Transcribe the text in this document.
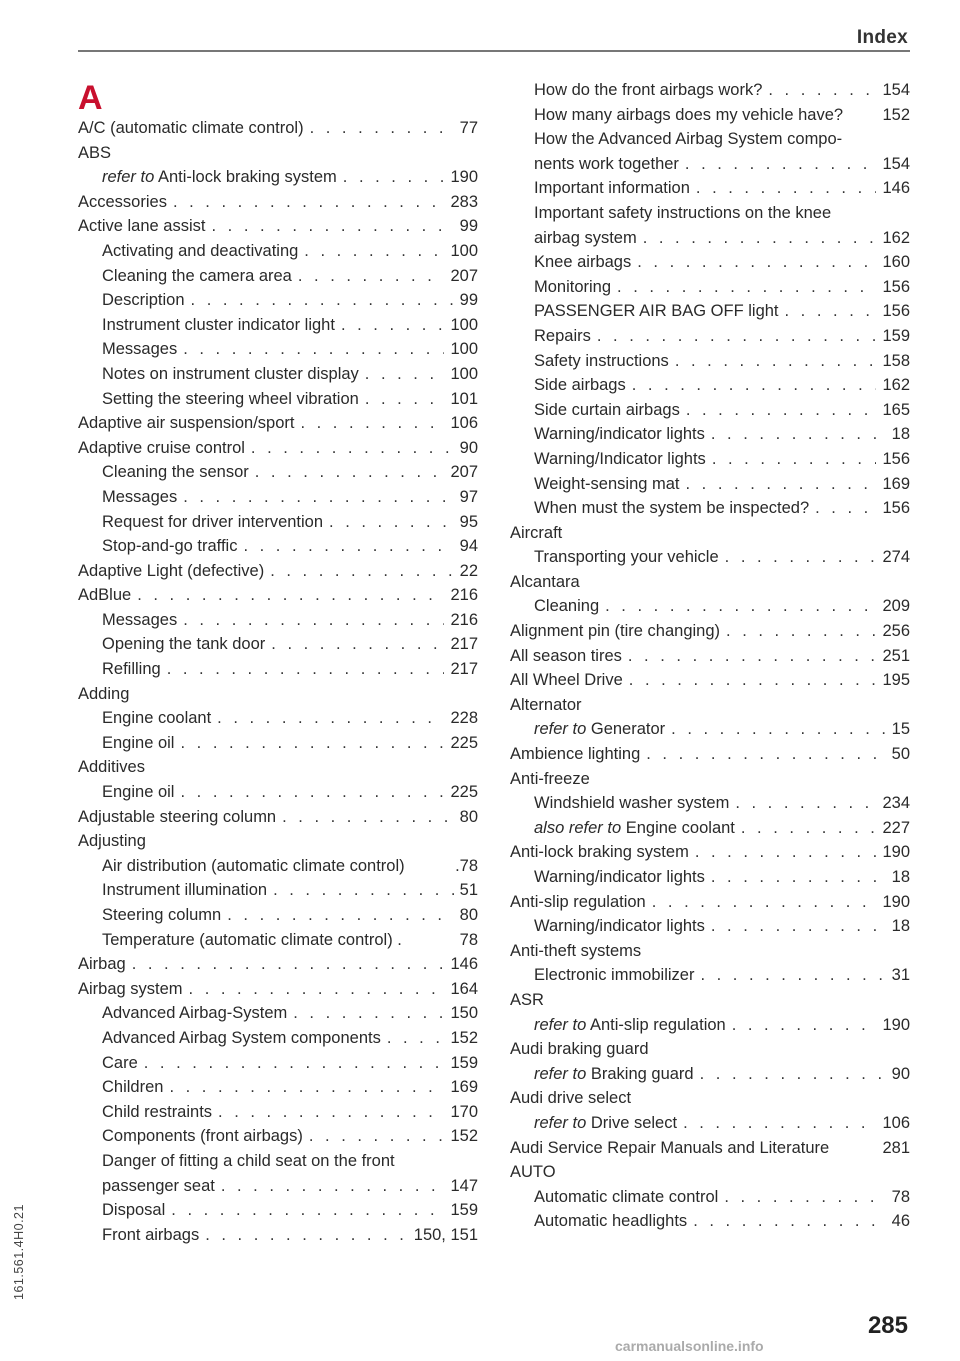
Index
A
A/C (automatic climate control) . . .	77
ABS
refer to Anti-lock braking system . . .	190
Accessories . . .	283
Active lane assist . . .	99
Activating and deactivating . . .	100
Cleaning the camera area . . .	207
Description . . .	99
Instrument cluster indicator light . . .	100
Messages . . .	100
Notes on instrument cluster display . . .	100
Setting the steering wheel vibration . . .	101
Adaptive air suspension/sport . . .	106
Adaptive cruise control . . .	90
Cleaning the sensor . . .	207
Messages . . .	97
Request for driver intervention . . .	95
Stop-and-go traffic . . .	94
Adaptive Light (defective) . . .	22
AdBlue . . .	216
Messages . . .	216
Opening the tank door . . .	217
Refilling . . .	217
Adding
Engine coolant . . .	228
Engine oil . . .	225
Additives
Engine oil . . .	225
Adjustable steering column . . .	80
Adjusting
Air distribution (automatic climate control)	.78
Instrument illumination . . .	51
Steering column . . .	80
Temperature (automatic climate control) .	78
Airbag . . .	146
Airbag system . . .	164
Advanced Airbag-System . . .	150
Advanced Airbag System components . . .	152
Care . . .	159
Children . . .	169
Child restraints . . .	170
Components (front airbags) . . .	152
Danger of fitting a child seat on the front
passenger seat . . .	147
Disposal . . .	159
Front airbags . . .	150, 151
How do the front airbags work? . . .	154
How many airbags does my vehicle have? 152
How the Advanced Airbag System compo-
nents work together . . .	154
Important information . . .	146
Important safety instructions on the knee
airbag system . . .	162
Knee airbags . . .	160
Monitoring . . .	156
PASSENGER AIR BAG OFF light . . .	156
Repairs . . .	159
Safety instructions . . .	158
Side airbags . . .	162
Side curtain airbags . . .	165
Warning/indicator lights . . .	18
Warning/Indicator lights . . .	156
Weight-sensing mat . . .	169
When must the system be inspected? . . .	156
Aircraft
Transporting your vehicle . . .	274
Alcantara
Cleaning . . .	209
Alignment pin (tire changing) . . .	256
All season tires . . .	251
All Wheel Drive . . .	195
Alternator
refer to Generator . . .	15
Ambience lighting . . .	50
Anti-freeze
Windshield washer system . . .	234
also refer to Engine coolant . . .	227
Anti-lock braking system . . .	190
Warning/indicator lights . . .	18
Anti-slip regulation . . .	190
Warning/indicator lights . . .	18
Anti-theft systems
Electronic immobilizer . . .	31
ASR
refer to Anti-slip regulation . . .	190
Audi braking guard
refer to Braking guard . . .	90
Audi drive select
refer to Drive select . . .	106
Audi Service Repair Manuals and Literature	281
AUTO
Automatic climate control . . .	78
Automatic headlights . . .	46
161.561.4H0.21
285
carmanualsonline.info
